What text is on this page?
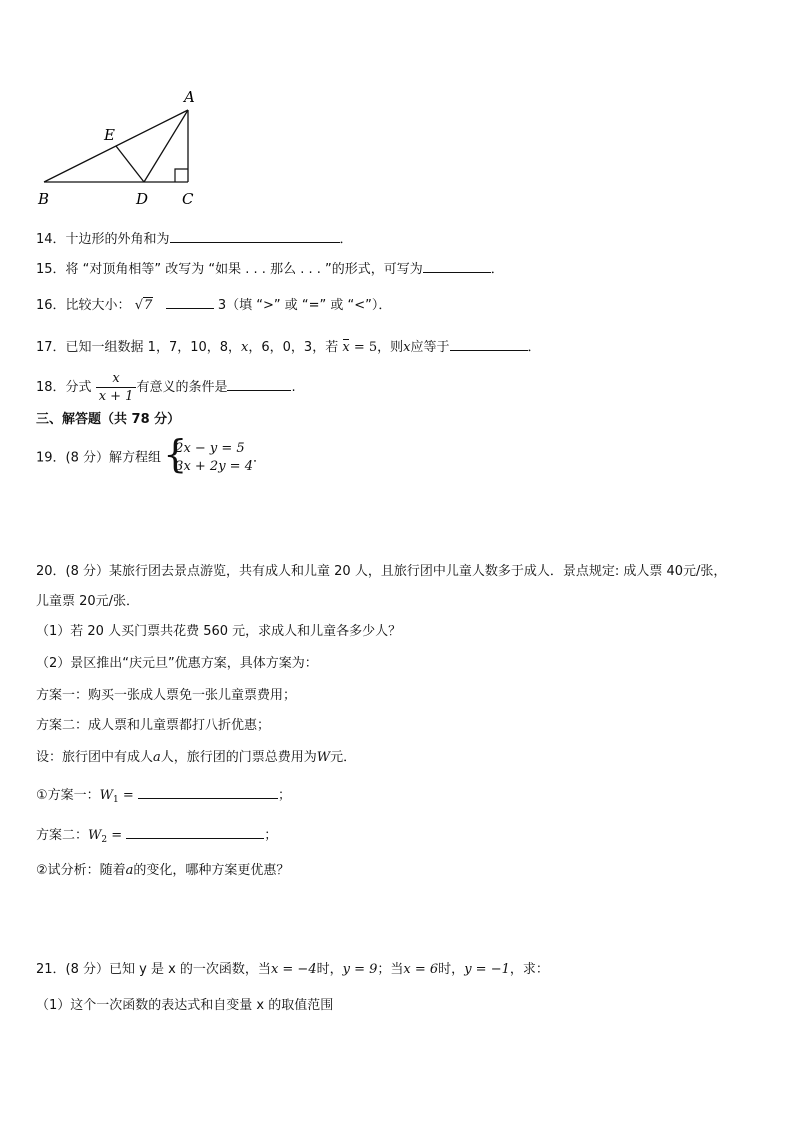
A
B	C
D
E
14．十边形的外角和为	．
15．将 “对顶角相等” 改写为 “如果 . . . 那么 . . . ”的形式，可写为	．
16．比较大小： √7	3（填 “>” 或 “=” 或 “<”）．
17．已知一组数据 1，7，10，8，x，6，0，3，若 x = 5，则x应等于	．
18．分式 $\frac{x}{x + 1}$ 有意义的条件是	.
三、解答题（共 78 分）
19．(8 分）解方程组
{ 2x − y = 5
3x + 2y = 4
．
20．(8 分）某旅行团去景点游览，共有成人和儿童 20 人，且旅行团中儿童人数多于成人．景点规定: 成人票 40元/张，
儿童票 20元/张．
（1）若 20 人买门票共花费 560 元，求成人和儿童各多少人？
（2）景区推出“庆元旦”优惠方案，具体方案为：
方案一：购买一张成人票免一张儿童票费用；
方案二：成人票和儿童票都打八折优惠；
设：旅行团中有成人a人，旅行团的门票总费用为W元．
①方案一：$W_1$ =	；
方案二：$W_2$ =	；
②试分析：随着a的变化，哪种方案更优惠？
21．(8 分）已知 y 是 x 的一次函数，当x = −4时，y = 9；当x = 6时，y = −1，求：
（1）这个一次函数的表达式和自变量 x 的取值范围
